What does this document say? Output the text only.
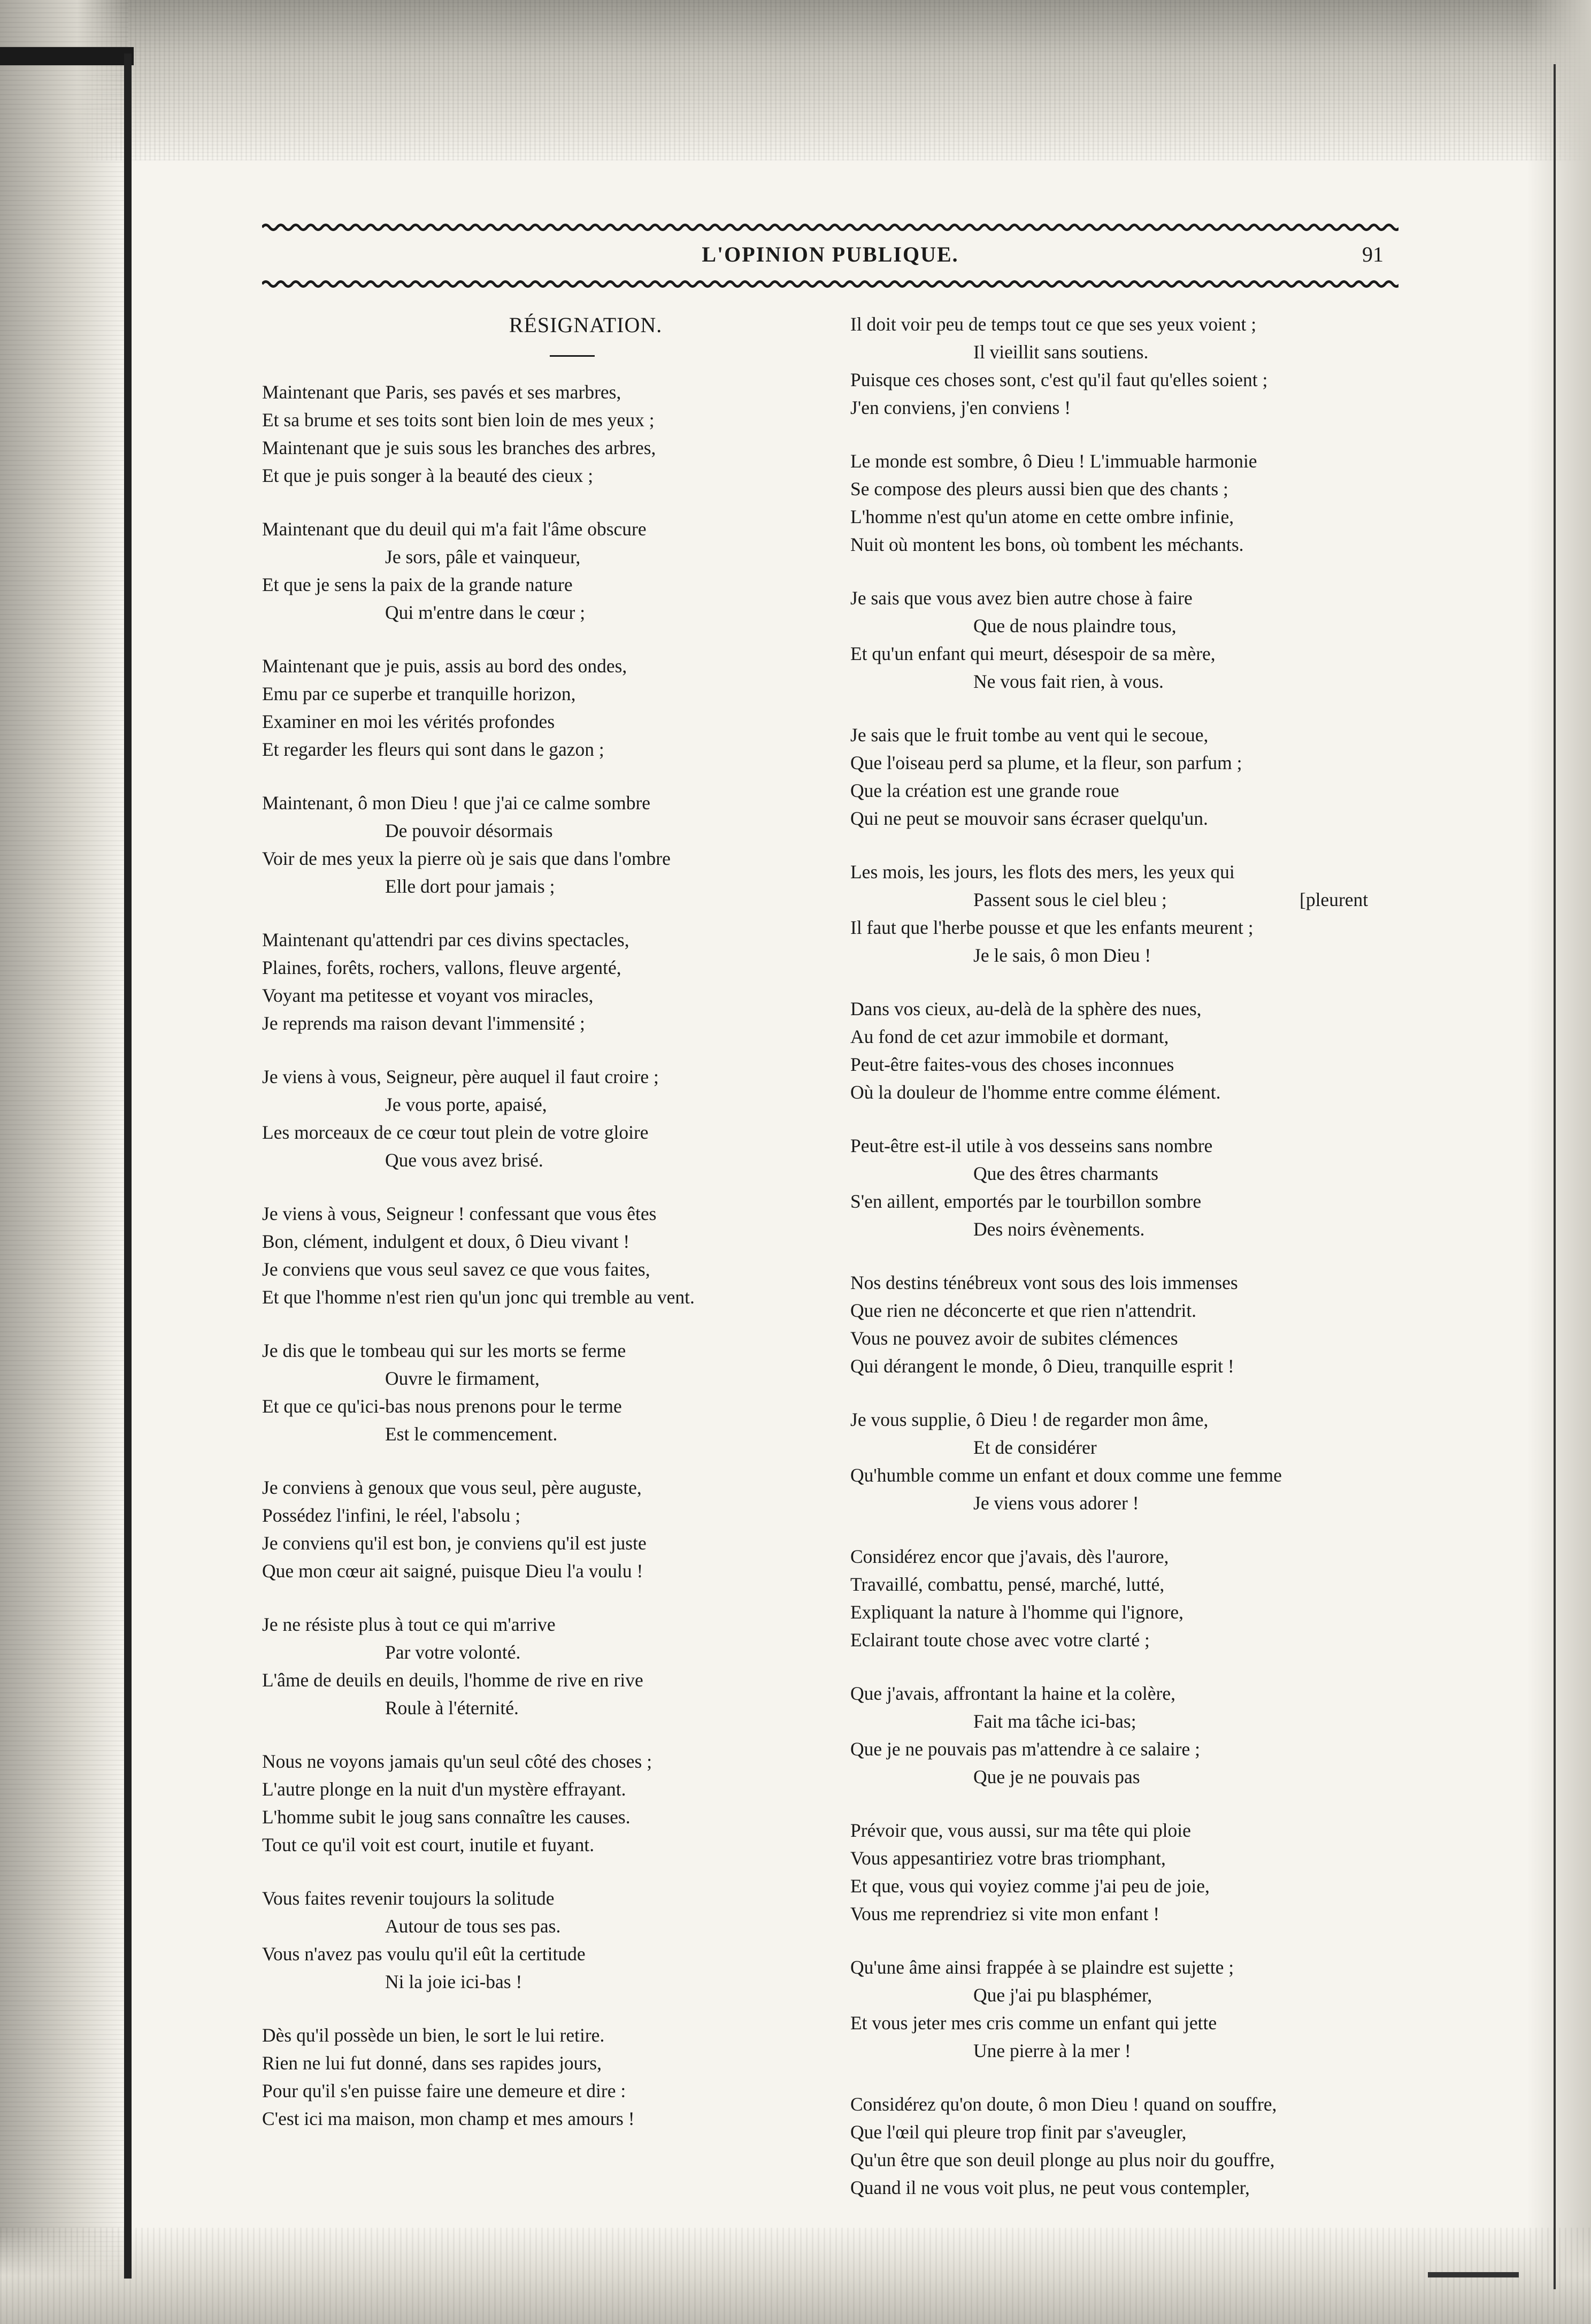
L'OPINION PUBLIQUE.	91
RÉSIGNATION.
Maintenant que Paris, ses pavés et ses marbres,
Et sa brume et ses toits sont bien loin de mes yeux ;
Maintenant que je suis sous les branches des arbres,
Et que je puis songer à la beauté des cieux ;
Maintenant que du deuil qui m'a fait l'âme obscure
Je sors, pâle et vainqueur,
Et que je sens la paix de la grande nature
Qui m'entre dans le cœur ;
Maintenant que je puis, assis au bord des ondes,
Emu par ce superbe et tranquille horizon,
Examiner en moi les vérités profondes
Et regarder les fleurs qui sont dans le gazon ;
Maintenant, ô mon Dieu ! que j'ai ce calme sombre
De pouvoir désormais
Voir de mes yeux la pierre où je sais que dans l'ombre
Elle dort pour jamais ;
Maintenant qu'attendri par ces divins spectacles,
Plaines, forêts, rochers, vallons, fleuve argenté,
Voyant ma petitesse et voyant vos miracles,
Je reprends ma raison devant l'immensité ;
Je viens à vous, Seigneur, père auquel il faut croire ;
Je vous porte, apaisé,
Les morceaux de ce cœur tout plein de votre gloire
Que vous avez brisé.
Je viens à vous, Seigneur ! confessant que vous êtes
Bon, clément, indulgent et doux, ô Dieu vivant !
Je conviens que vous seul savez ce que vous faites,
Et que l'homme n'est rien qu'un jonc qui tremble au vent.
Je dis que le tombeau qui sur les morts se ferme
Ouvre le firmament,
Et que ce qu'ici-bas nous prenons pour le terme
Est le commencement.
Je conviens à genoux que vous seul, père auguste,
Possédez l'infini, le réel, l'absolu ;
Je conviens qu'il est bon, je conviens qu'il est juste
Que mon cœur ait saigné, puisque Dieu l'a voulu !
Je ne résiste plus à tout ce qui m'arrive
Par votre volonté.
L'âme de deuils en deuils, l'homme de rive en rive
Roule à l'éternité.
Nous ne voyons jamais qu'un seul côté des choses ;
L'autre plonge en la nuit d'un mystère effrayant.
L'homme subit le joug sans connaître les causes.
Tout ce qu'il voit est court, inutile et fuyant.
Vous faites revenir toujours la solitude
Autour de tous ses pas.
Vous n'avez pas voulu qu'il eût la certitude
Ni la joie ici-bas !
Dès qu'il possède un bien, le sort le lui retire.
Rien ne lui fut donné, dans ses rapides jours,
Pour qu'il s'en puisse faire une demeure et dire :
C'est ici ma maison, mon champ et mes amours !
Il doit voir peu de temps tout ce que ses yeux voient ;
Il vieillit sans soutiens.
Puisque ces choses sont, c'est qu'il faut qu'elles soient ;
J'en conviens, j'en conviens !
Le monde est sombre, ô Dieu ! L'immuable harmonie
Se compose des pleurs aussi bien que des chants ;
L'homme n'est qu'un atome en cette ombre infinie,
Nuit où montent les bons, où tombent les méchants.
Je sais que vous avez bien autre chose à faire
Que de nous plaindre tous,
Et qu'un enfant qui meurt, désespoir de sa mère,
Ne vous fait rien, à vous.
Je sais que le fruit tombe au vent qui le secoue,
Que l'oiseau perd sa plume, et la fleur, son parfum ;
Que la création est une grande roue
Qui ne peut se mouvoir sans écraser quelqu'un.
Les mois, les jours, les flots des mers, les yeux qui
Passent sous le ciel bleu ;	[pleurent
Il faut que l'herbe pousse et que les enfants meurent ;
Je le sais, ô mon Dieu !
Dans vos cieux, au-delà de la sphère des nues,
Au fond de cet azur immobile et dormant,
Peut-être faites-vous des choses inconnues
Où la douleur de l'homme entre comme élément.
Peut-être est-il utile à vos desseins sans nombre
Que des êtres charmants
S'en aillent, emportés par le tourbillon sombre
Des noirs évènements.
Nos destins ténébreux vont sous des lois immenses
Que rien ne déconcerte et que rien n'attendrit.
Vous ne pouvez avoir de subites clémences
Qui dérangent le monde, ô Dieu, tranquille esprit !
Je vous supplie, ô Dieu ! de regarder mon âme,
Et de considérer
Qu'humble comme un enfant et doux comme une femme
Je viens vous adorer !
Considérez encor que j'avais, dès l'aurore,
Travaillé, combattu, pensé, marché, lutté,
Expliquant la nature à l'homme qui l'ignore,
Eclairant toute chose avec votre clarté ;
Que j'avais, affrontant la haine et la colère,
Fait ma tâche ici-bas;
Que je ne pouvais pas m'attendre à ce salaire ;
Que je ne pouvais pas
Prévoir que, vous aussi, sur ma tête qui ploie
Vous appesantiriez votre bras triomphant,
Et que, vous qui voyiez comme j'ai peu de joie,
Vous me reprendriez si vite mon enfant !
Qu'une âme ainsi frappée à se plaindre est sujette ;
Que j'ai pu blasphémer,
Et vous jeter mes cris comme un enfant qui jette
Une pierre à la mer !
Considérez qu'on doute, ô mon Dieu ! quand on souffre,
Que l'œil qui pleure trop finit par s'aveugler,
Qu'un être que son deuil plonge au plus noir du gouffre,
Quand il ne vous voit plus, ne peut vous contempler,
